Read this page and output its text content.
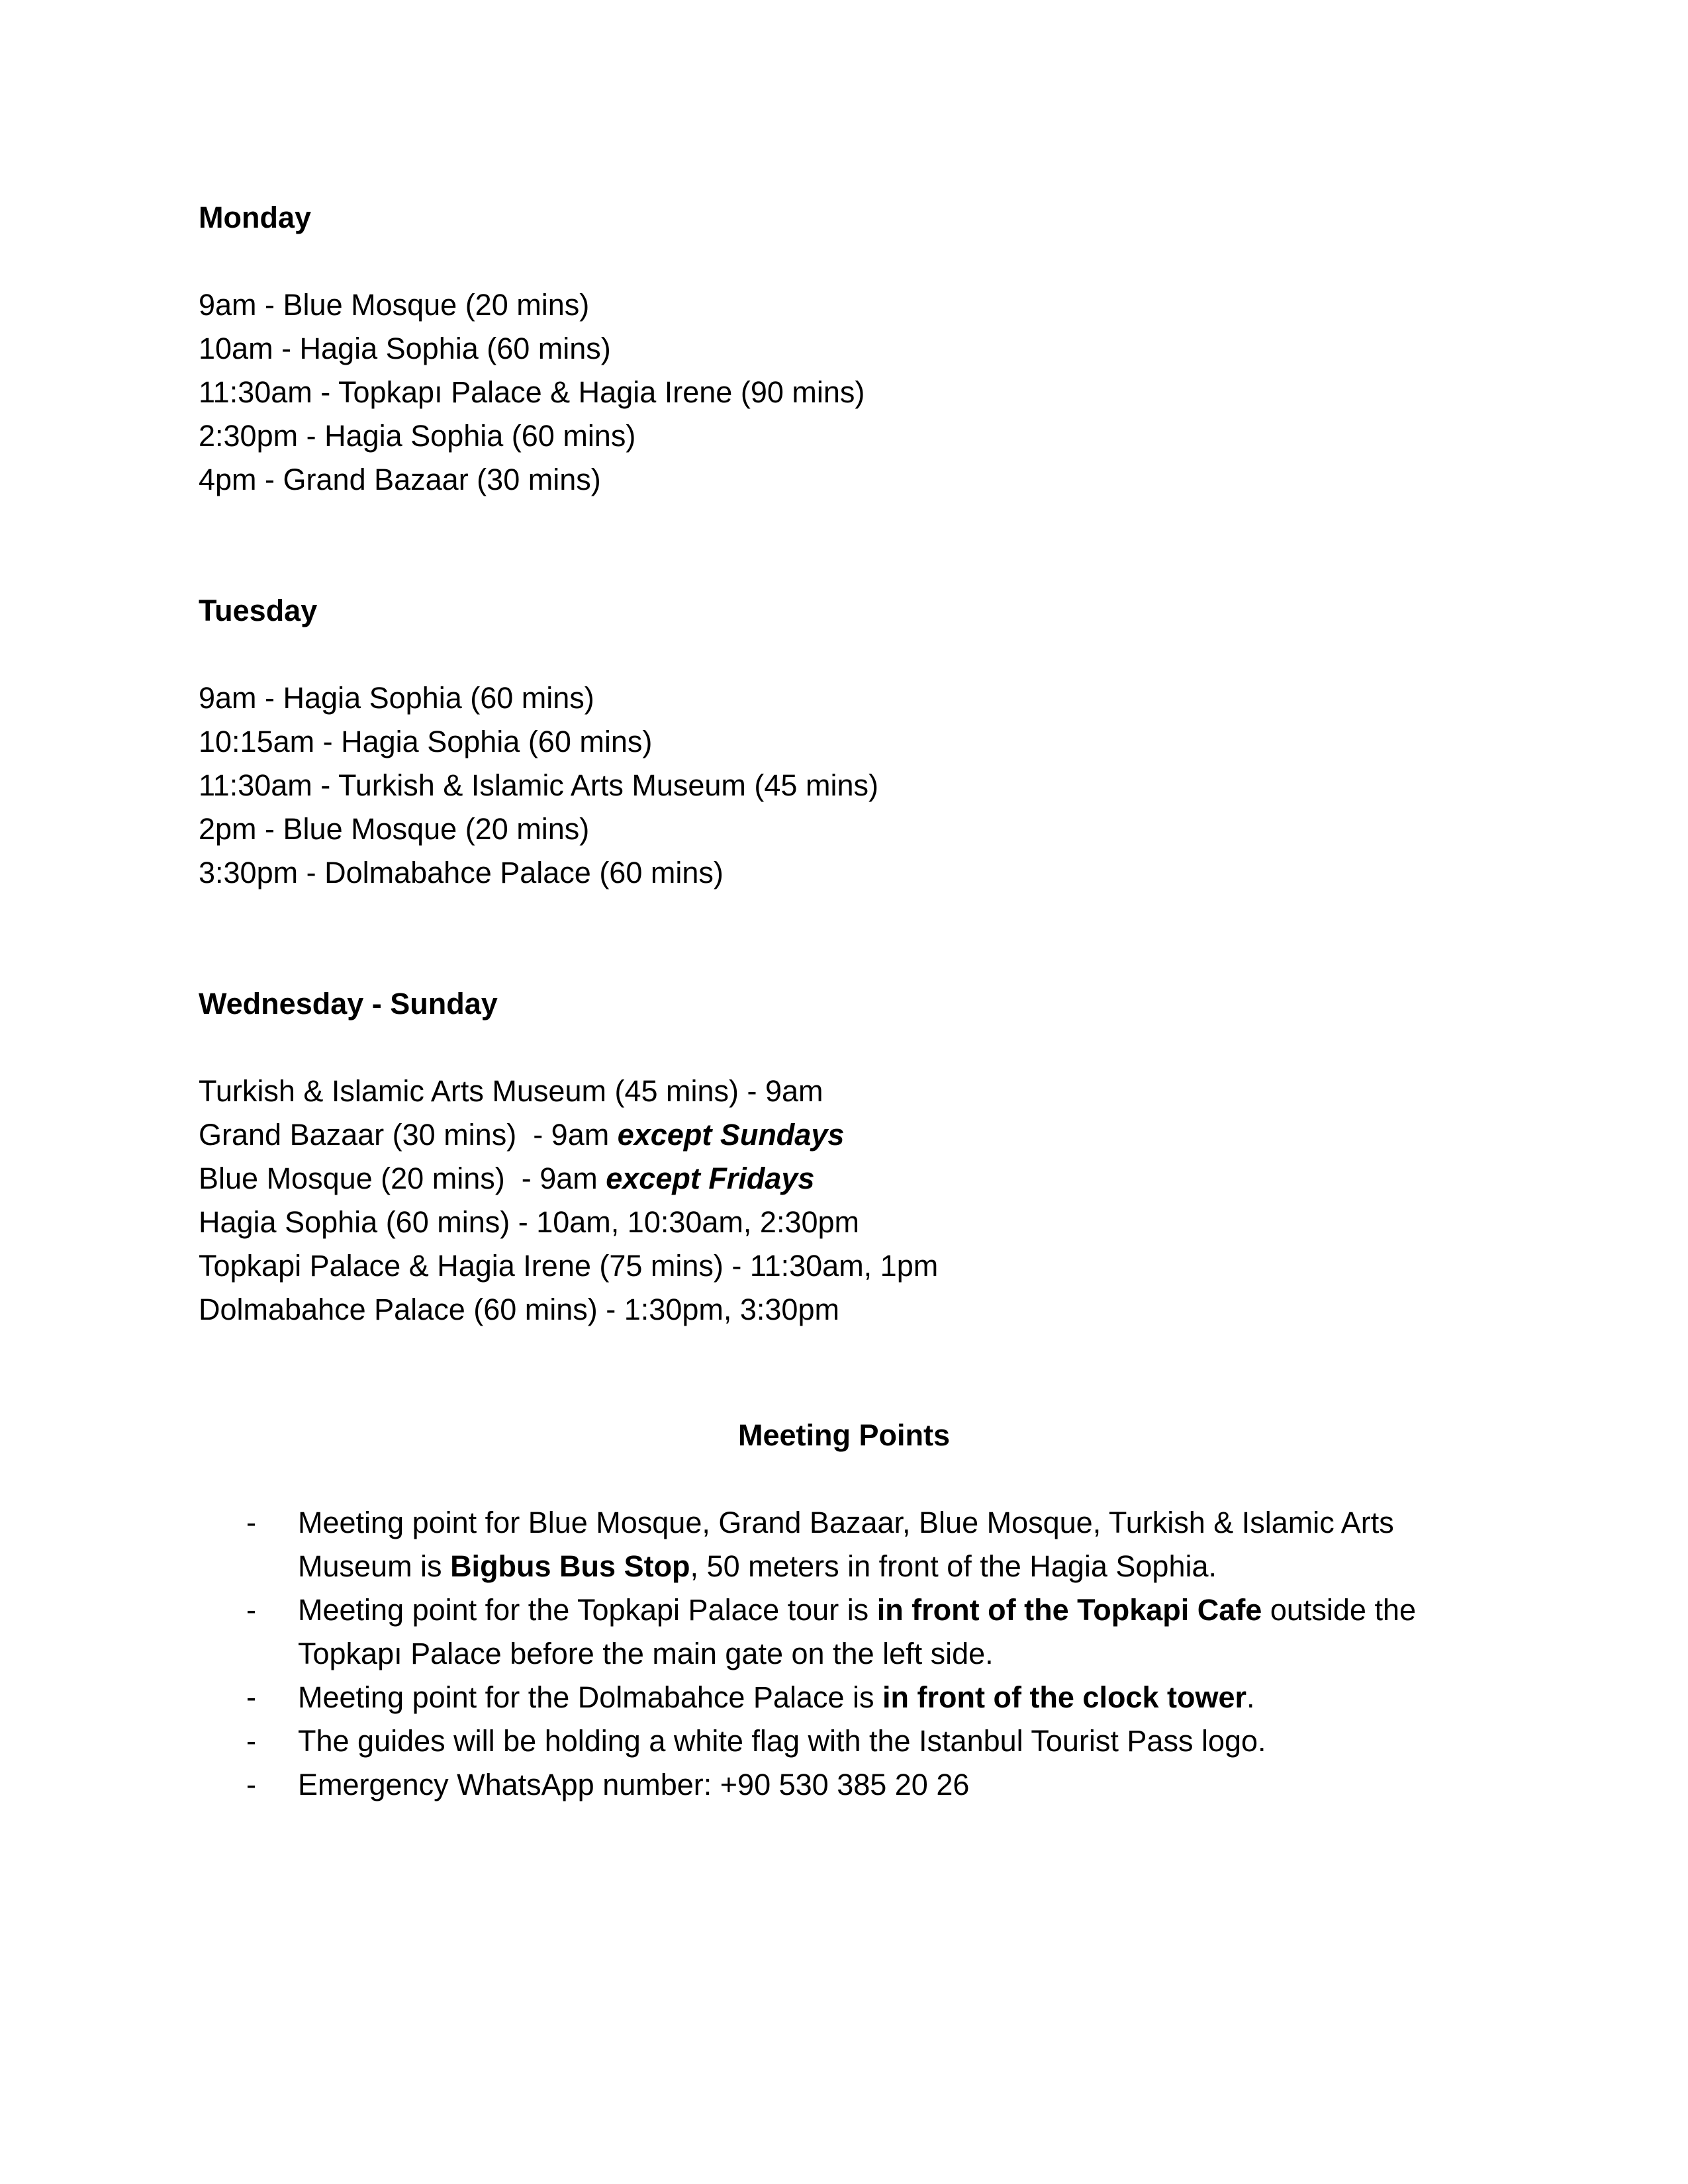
Monday
9am - Blue Mosque (20 mins)
10am - Hagia Sophia (60 mins)
11:30am - Topkapı Palace & Hagia Irene (90 mins)
2:30pm - Hagia Sophia (60 mins)
4pm - Grand Bazaar (30 mins)
Tuesday
9am - Hagia Sophia (60 mins)
10:15am - Hagia Sophia (60 mins)
11:30am - Turkish & Islamic Arts Museum (45 mins)
2pm - Blue Mosque (20 mins)
3:30pm - Dolmabahce Palace (60 mins)
Wednesday - Sunday
Turkish & Islamic Arts Museum (45 mins) - 9am
Grand Bazaar (30 mins)  - 9am except Sundays
Blue Mosque (20 mins)  - 9am except Fridays
Hagia Sophia (60 mins) - 10am, 10:30am, 2:30pm
Topkapi Palace & Hagia Irene (75 mins) - 11:30am, 1pm
Dolmabahce Palace (60 mins) - 1:30pm, 3:30pm
Meeting Points
- Meeting point for Blue Mosque, Grand Bazaar, Blue Mosque, Turkish & Islamic Arts Museum is Bigbus Bus Stop, 50 meters in front of the Hagia Sophia.
- Meeting point for the Topkapi Palace tour is in front of the Topkapi Cafe outside the Topkapı Palace before the main gate on the left side.
- Meeting point for the Dolmabahce Palace is in front of the clock tower.
- The guides will be holding a white flag with the Istanbul Tourist Pass logo.
- Emergency WhatsApp number: +90 530 385 20 26
